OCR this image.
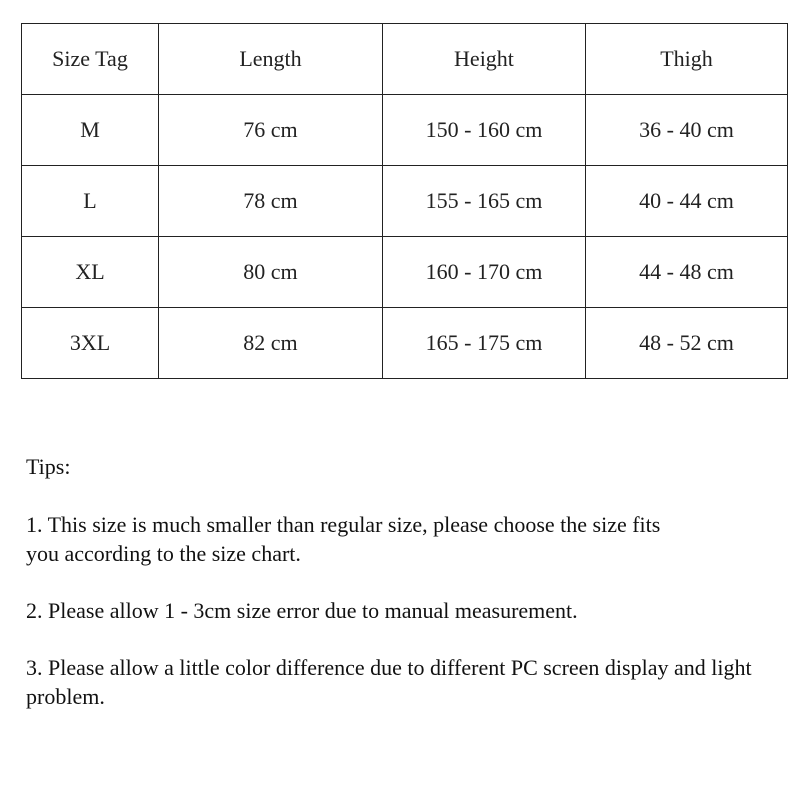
Size Tag	Length	Height	Thigh
M	76 cm	150 - 160 cm	36 - 40 cm
L	78 cm	155 - 165 cm	40 - 44 cm
XL	80 cm	160 - 170 cm	44 - 48 cm
3XL	82 cm	165 - 175 cm	48 - 52 cm

Tips:

1. This size is much smaller than regular size, please choose the size fits you according to the size chart.

2. Please allow 1 - 3cm size error due to manual measurement.

3. Please allow a little color difference due to different PC screen display and light problem.
